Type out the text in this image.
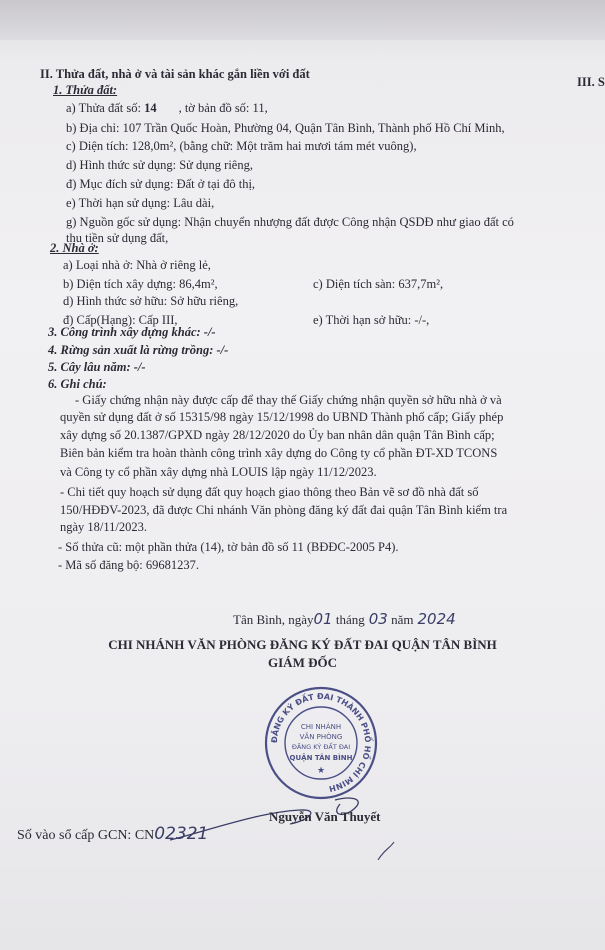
II. Thửa đất, nhà ở và tài sản khác gắn liền với đất
III. S
1. Thửa đất:
a) Thửa đất số: 14 , tờ bản đồ số: 11,
b) Địa chỉ: 107 Trần Quốc Hoàn, Phường 04, Quận Tân Bình, Thành phố Hồ Chí Minh,
c) Diện tích: 128,0m², (bằng chữ: Một trăm hai mươi tám mét vuông),
d) Hình thức sử dụng: Sử dụng riêng,
đ) Mục đích sử dụng: Đất ở tại đô thị,
e) Thời hạn sử dụng: Lâu dài,
g) Nguồn gốc sử dụng: Nhận chuyển nhượng đất được Công nhận QSDĐ như giao đất có
thu tiền sử dụng đất,
2. Nhà ở:
a) Loại nhà ở: Nhà ở riêng lẻ,
b) Diện tích xây dựng: 86,4m²,	c) Diện tích sàn: 637,7m²,
d) Hình thức sở hữu: Sở hữu riêng,
đ) Cấp(Hạng): Cấp III,	e) Thời hạn sở hữu: -/-,
3. Công trình xây dựng khác: -/-
4. Rừng sản xuất là rừng trồng: -/-
5. Cây lâu năm: -/-
6. Ghi chú:
- Giấy chứng nhận này được cấp để thay thế Giấy chứng nhận quyền sở hữu nhà ở và
quyền sử dụng đất ở số 15315/98 ngày 15/12/1998 do UBND Thành phố cấp; Giấy phép
xây dựng số 20.1387/GPXD ngày 28/12/2020 do Ủy ban nhân dân quận Tân Bình cấp;
Biên bản kiểm tra hoàn thành công trình xây dựng do Công ty cổ phần ĐT-XD TCONS
và Công ty cổ phần xây dựng nhà LOUIS lập ngày 11/12/2023.
- Chi tiết quy hoạch sử dụng đất quy hoạch giao thông theo Bản vẽ sơ đồ nhà đất số
150/HĐĐV-2023, đã được Chi nhánh Văn phòng đăng ký đất đai quận Tân Bình kiểm tra
ngày 18/11/2023.
- Số thửa cũ: một phần thửa (14), tờ bản đồ số 11 (BĐĐC-2005 P4).
- Mã số đăng bộ: 69681237.
Tân Bình, ngày01 tháng 03 năm 2024
CHI NHÁNH VĂN PHÒNG ĐĂNG KÝ ĐẤT ĐAI QUẬN TÂN BÌNH
GIÁM ĐỐC
ĐĂNG KÝ ĐẤT ĐAI THÀNH PHỐ HỒ CHÍ MINH
CHI NHÁNH
VĂN PHÒNG
ĐĂNG KÝ ĐẤT ĐAI
QUẬN TÂN BÌNH
★
Nguyễn Văn Thuyết
Số vào sổ cấp GCN: CN02321
